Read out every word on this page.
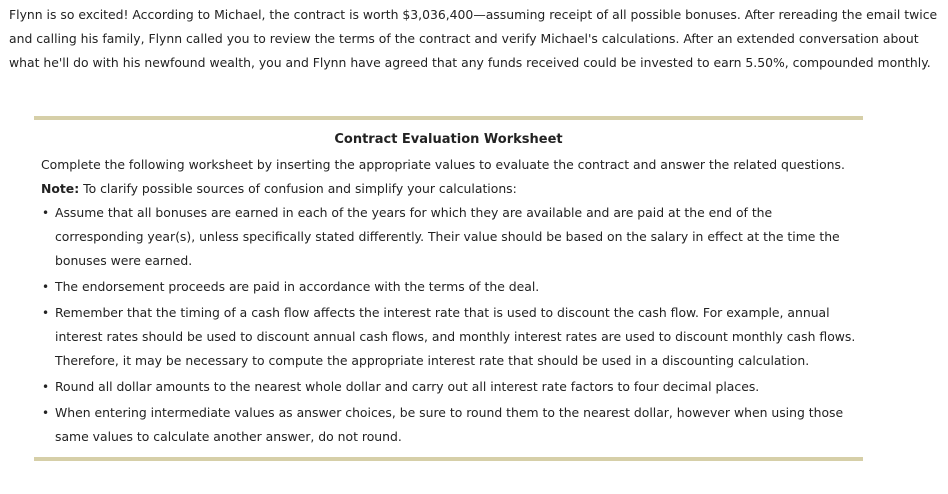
Flynn is so excited! According to Michael, the contract is worth $3,036,400—assuming receipt of all possible bonuses. After rereading the email twice and calling his family, Flynn called you to review the terms of the contract and verify Michael's calculations. After an extended conversation about what he'll do with his newfound wealth, you and Flynn have agreed that any funds received could be invested to earn 5.50%, compounded monthly.

Contract Evaluation Worksheet

Complete the following worksheet by inserting the appropriate values to evaluate the contract and answer the related questions.

Note: To clarify possible sources of confusion and simplify your calculations:

• Assume that all bonuses are earned in each of the years for which they are available and are paid at the end of the corresponding year(s), unless specifically stated differently. Their value should be based on the salary in effect at the time the bonuses were earned.
• The endorsement proceeds are paid in accordance with the terms of the deal.
• Remember that the timing of a cash flow affects the interest rate that is used to discount the cash flow. For example, annual interest rates should be used to discount annual cash flows, and monthly interest rates are used to discount monthly cash flows. Therefore, it may be necessary to compute the appropriate interest rate that should be used in a discounting calculation.
• Round all dollar amounts to the nearest whole dollar and carry out all interest rate factors to four decimal places.
• When entering intermediate values as answer choices, be sure to round them to the nearest dollar, however when using those same values to calculate another answer, do not round.
